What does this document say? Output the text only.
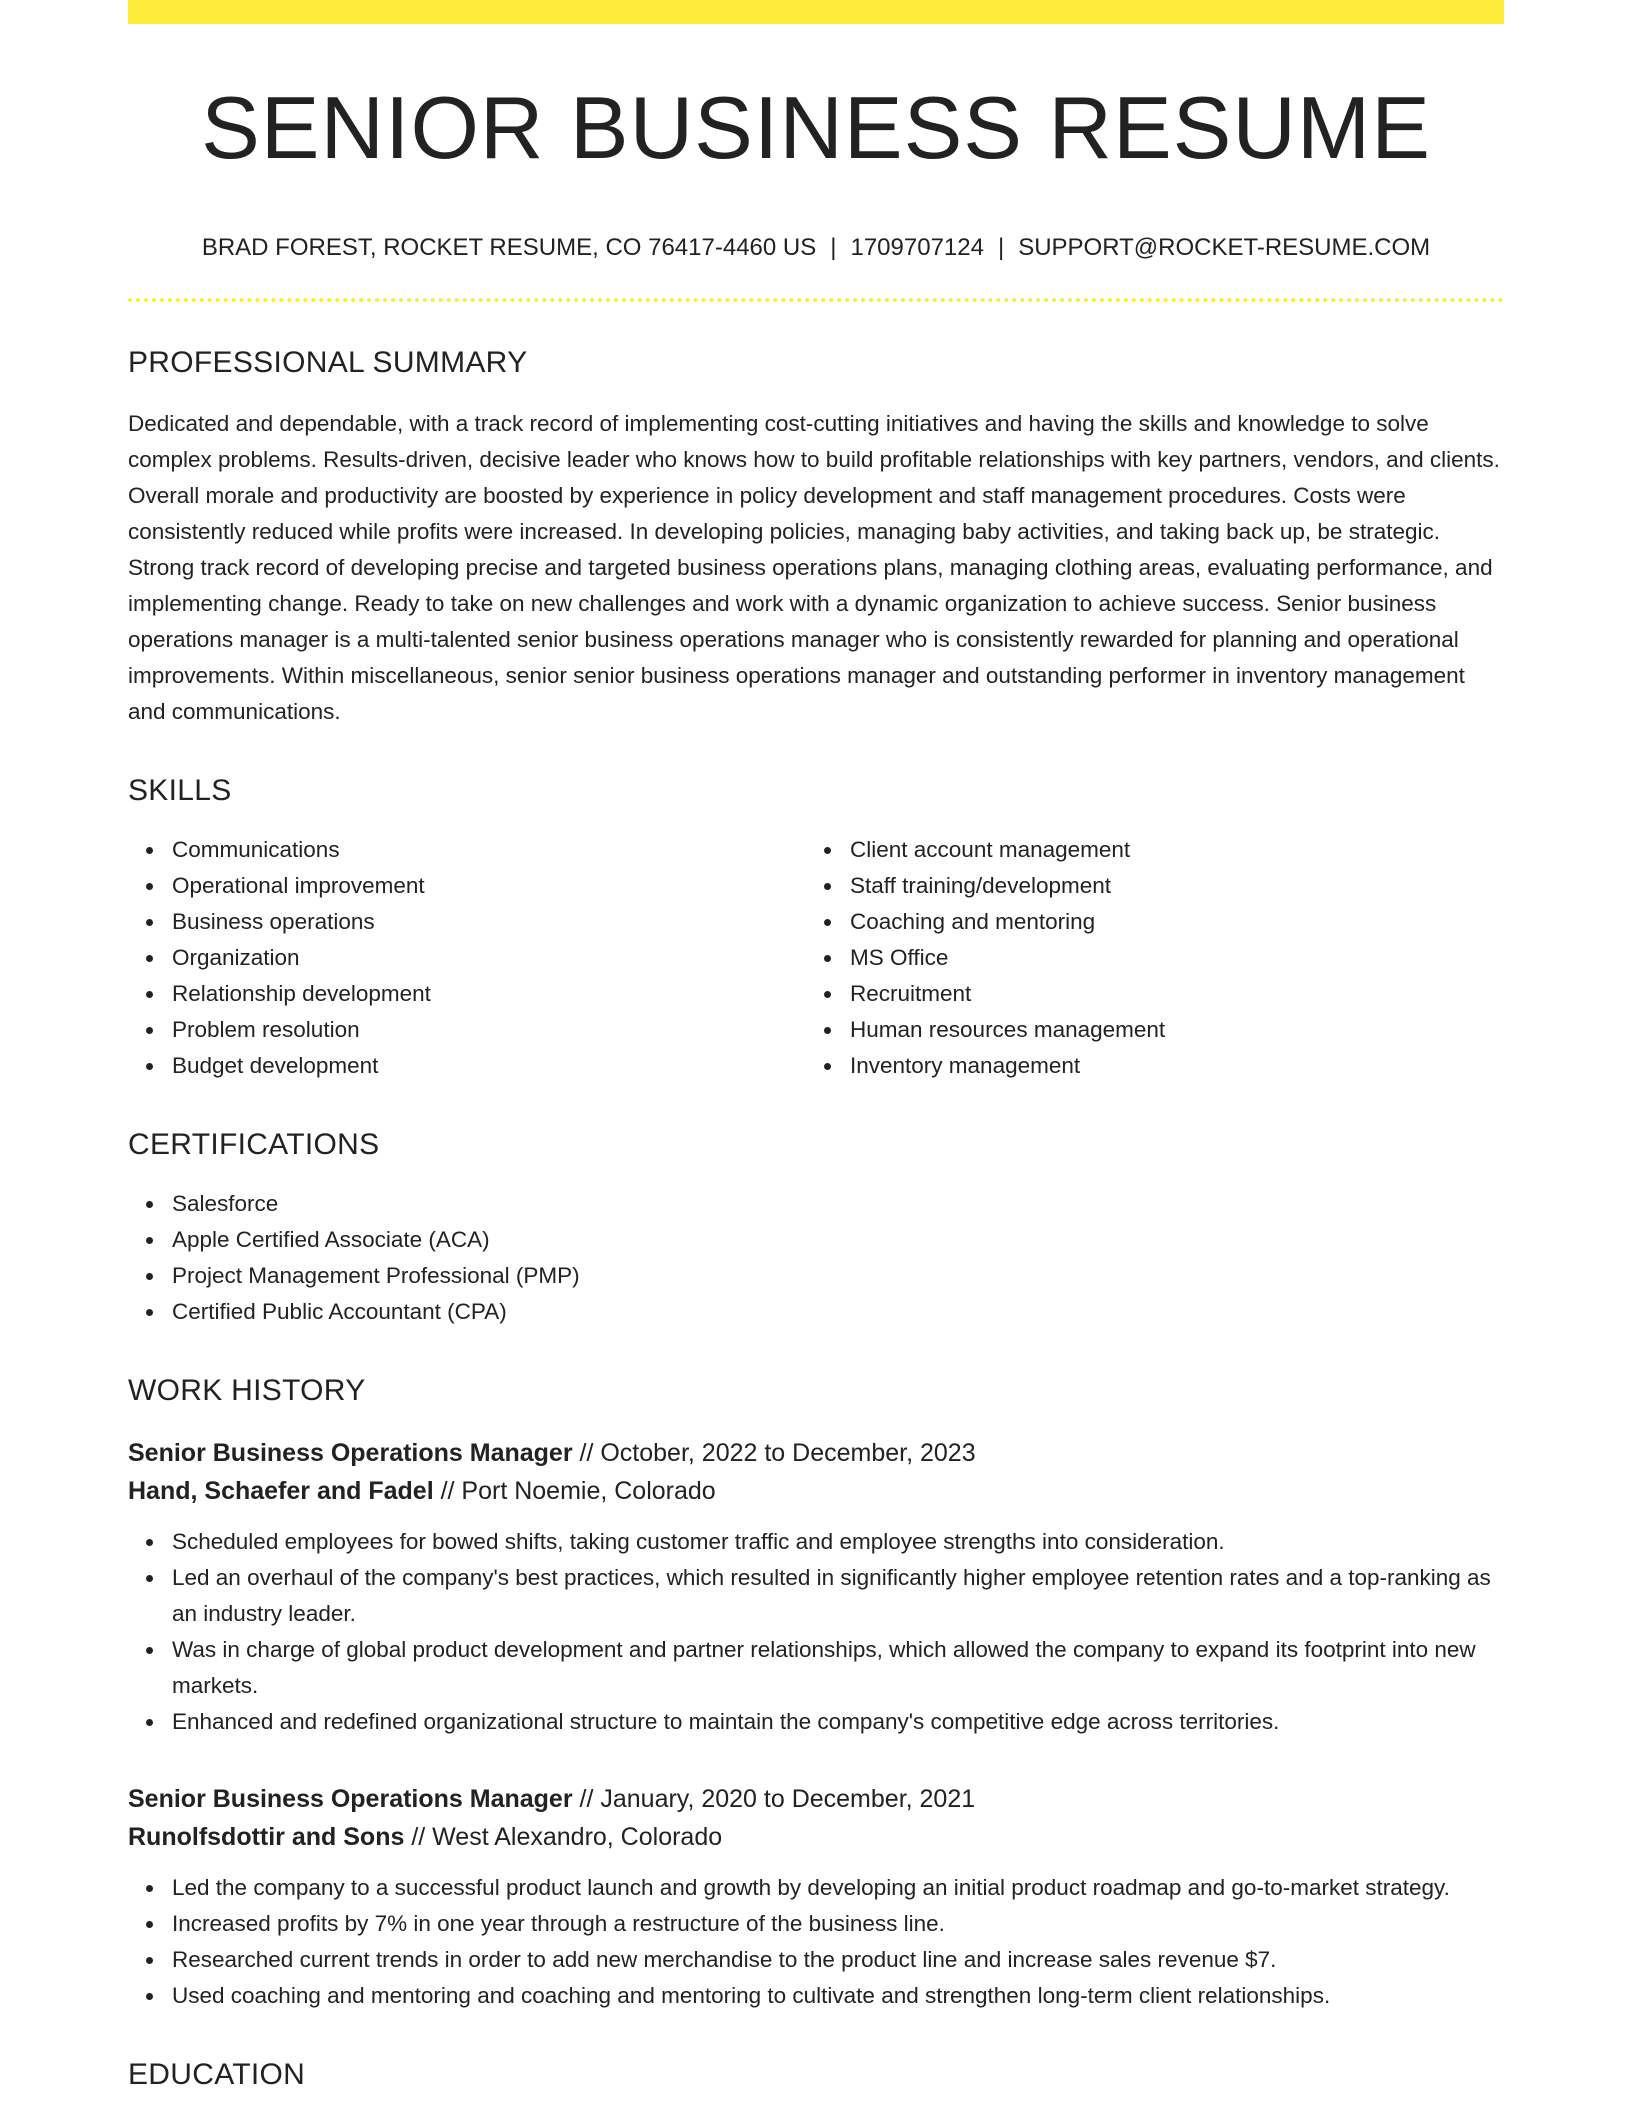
SENIOR BUSINESS RESUME
BRAD FOREST, ROCKET RESUME, CO 76417-4460 US | 1709707124 | SUPPORT@ROCKET-RESUME.COM
PROFESSIONAL SUMMARY
Dedicated and dependable, with a track record of implementing cost-cutting initiatives and having the skills and knowledge to solve complex problems. Results-driven, decisive leader who knows how to build profitable relationships with key partners, vendors, and clients. Overall morale and productivity are boosted by experience in policy development and staff management procedures. Costs were consistently reduced while profits were increased. In developing policies, managing baby activities, and taking back up, be strategic. Strong track record of developing precise and targeted business operations plans, managing clothing areas, evaluating performance, and implementing change. Ready to take on new challenges and work with a dynamic organization to achieve success. Senior business operations manager is a multi-talented senior business operations manager who is consistently rewarded for planning and operational improvements. Within miscellaneous, senior senior business operations manager and outstanding performer in inventory management and communications.
SKILLS
Communications
Operational improvement
Business operations
Organization
Relationship development
Problem resolution
Budget development
Client account management
Staff training/development
Coaching and mentoring
MS Office
Recruitment
Human resources management
Inventory management
CERTIFICATIONS
Salesforce
Apple Certified Associate (ACA)
Project Management Professional (PMP)
Certified Public Accountant (CPA)
WORK HISTORY
Senior Business Operations Manager // October, 2022 to December, 2023
Hand, Schaefer and Fadel // Port Noemie, Colorado
Scheduled employees for bowed shifts, taking customer traffic and employee strengths into consideration.
Led an overhaul of the company's best practices, which resulted in significantly higher employee retention rates and a top-ranking as an industry leader.
Was in charge of global product development and partner relationships, which allowed the company to expand its footprint into new markets.
Enhanced and redefined organizational structure to maintain the company's competitive edge across territories.
Senior Business Operations Manager // January, 2020 to December, 2021
Runolfsdottir and Sons // West Alexandro, Colorado
Led the company to a successful product launch and growth by developing an initial product roadmap and go-to-market strategy.
Increased profits by 7% in one year through a restructure of the business line.
Researched current trends in order to add new merchandise to the product line and increase sales revenue $7.
Used coaching and mentoring and coaching and mentoring to cultivate and strengthen long-term client relationships.
EDUCATION
